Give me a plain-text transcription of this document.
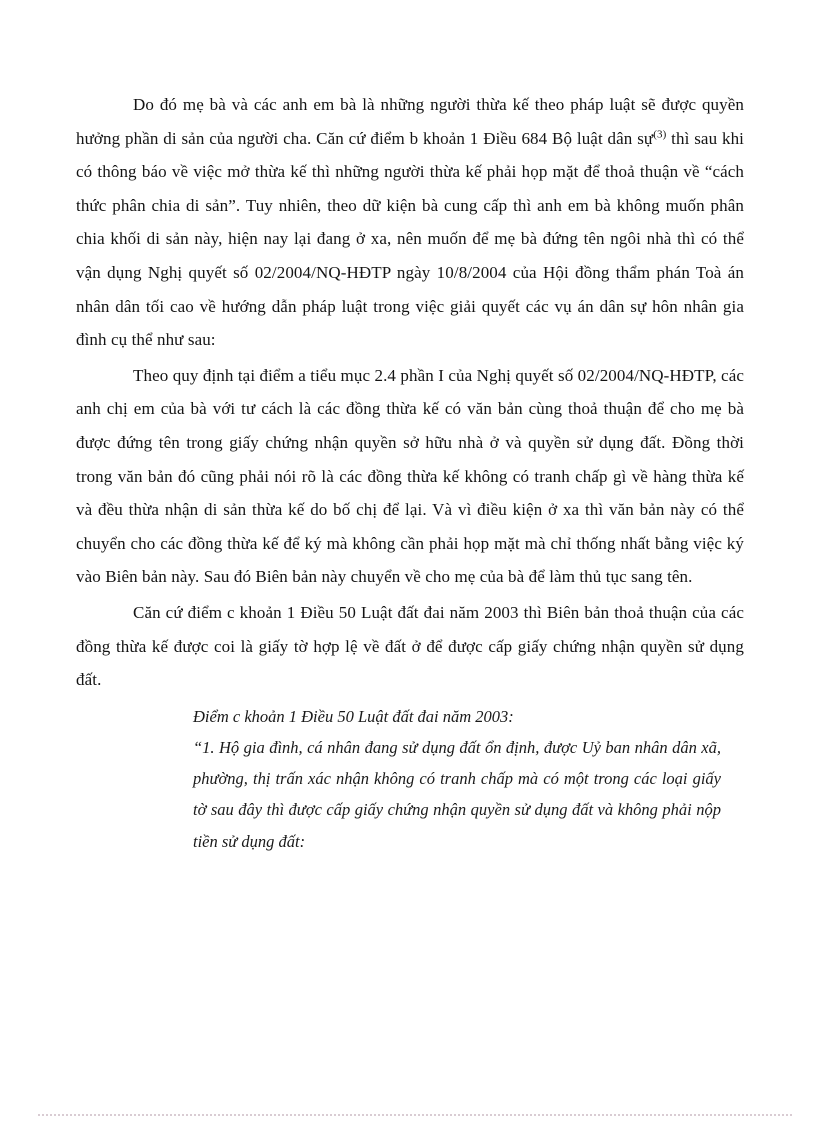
Do đó mẹ bà và các anh em bà là những người thừa kế theo pháp luật sẽ được quyền hưởng phần di sản của người cha. Căn cứ điểm b khoản 1 Điều 684 Bộ luật dân sự$^{(3)}$ thì sau khi có thông báo về việc mở thừa kế thì những người thừa kế phải họp mặt để thoả thuận về “cách thức phân chia di sản”. Tuy nhiên, theo dữ kiện bà cung cấp thì anh em bà không muốn phân chia khối di sản này, hiện nay lại đang ở xa, nên muốn để mẹ bà đứng tên ngôi nhà thì có thể vận dụng Nghị quyết số 02/2004/NQ-HĐTP ngày 10/8/2004 của Hội đồng thẩm phán Toà án nhân dân tối cao về hướng dẫn pháp luật trong việc giải quyết các vụ án dân sự hôn nhân gia đình cụ thể như sau:

Theo quy định tại điểm a tiểu mục 2.4 phần I của Nghị quyết số 02/2004/NQ-HĐTP, các anh chị em của bà với tư cách là các đồng thừa kế có văn bản cùng thoả thuận để cho mẹ bà được đứng tên trong giấy chứng nhận quyền sở hữu nhà ở và quyền sử dụng đất. Đồng thời trong văn bản đó cũng phải nói rõ là các đồng thừa kế không có tranh chấp gì về hàng thừa kế và đều thừa nhận di sản thừa kế do bố chị để lại. Và vì điều kiện ở xa thì văn bản này có thể chuyển cho các đồng thừa kế để ký mà không cần phải họp mặt mà chỉ thống nhất bằng việc ký vào Biên bản này. Sau đó Biên bản này chuyển về cho mẹ của bà để làm thủ tục sang tên.

Căn cứ điểm c khoản 1 Điều 50 Luật đất đai năm 2003 thì Biên bản thoả thuận của các đồng thừa kế được coi là giấy tờ hợp lệ về đất ở để được cấp giấy chứng nhận quyền sử dụng đất.

Điểm c khoản 1 Điều 50 Luật đất đai năm 2003:

“1. Hộ gia đình, cá nhân đang sử dụng đất ổn định, được Uỷ ban nhân dân xã, phường, thị trấn xác nhận không có tranh chấp mà có một trong các loại giấy tờ sau đây thì được cấp giấy chứng nhận quyền sử dụng đất và không phải nộp tiền sử dụng đất:
